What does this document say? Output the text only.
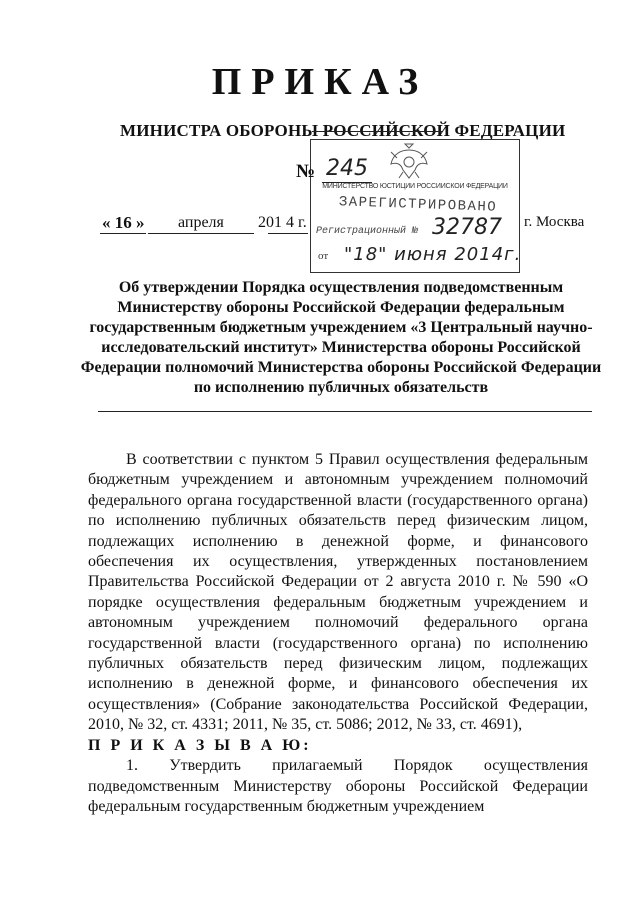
ПРИКАЗ
МИНИСТРА ОБОРОНЫ РОССИЙСКОЙ ФЕДЕРАЦИИ
МИНИСТЕРСТВО ЮСТИЦИИ РОССИЙСКОЙ ФЕДЕРАЦИИ
ЗАРЕГИСТРИРОВАНО
Регистрационный № 32787
от "18" июня 2014г.
№ 245
« 16 » апреля 201 4 г.	г. Москва
Об утверждении Порядка осуществления подведомственным Министерству обороны Российской Федерации федеральным государственным бюджетным учреждением «3 Центральный научно-исследовательский институт» Министерства обороны Российской Федерации полномочий Министерства обороны Российской Федерации по исполнению публичных обязательств

В соответствии с пунктом 5 Правил осуществления федеральным бюджетным учреждением и автономным учреждением полномочий федерального органа государственной власти (государственного органа) по исполнению публичных обязательств перед физическим лицом, подлежащих исполнению в денежной форме, и финансового обеспечения их осуществления, утвержденных постановлением Правительства Российской Федерации от 2 августа 2010 г. № 590 «О порядке осуществления федеральным бюджетным учреждением и автономным учреждением полномочий федерального органа государственной власти (государственного органа) по исполнению публичных обязательств перед физическим лицом, подлежащих исполнению в денежной форме, и финансового обеспечения их осуществления» (Собрание законодательства Российской Федерации, 2010, № 32, ст. 4331; 2011, № 35, ст. 5086; 2012, № 33, ст. 4691),

П Р И К А З Ы В А Ю:

1. Утвердить прилагаемый Порядок осуществления подведомственным Министерству обороны Российской Федерации федеральным государственным бюджетным учреждением
